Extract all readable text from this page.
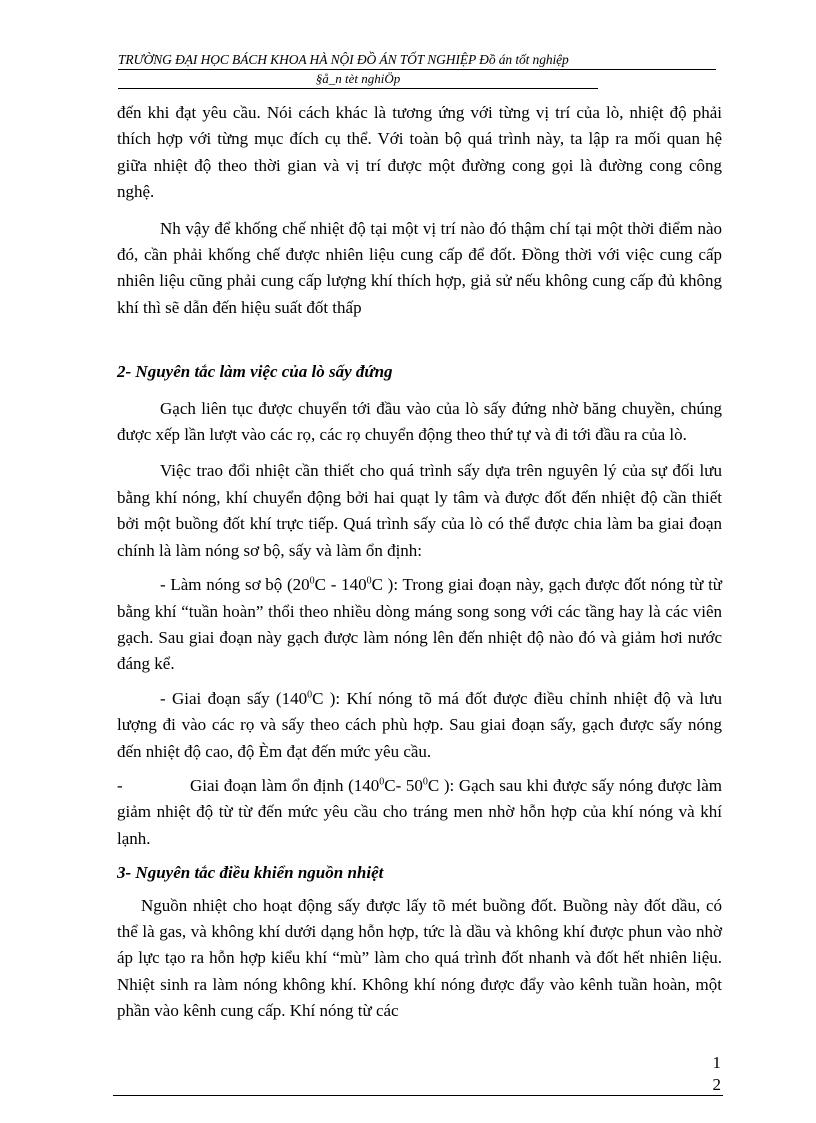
TRƯỜNG ĐẠI HỌC BÁCH KHOA HÀ NỘI ĐỒ ÁN TỐT NGHIỆP Đồ án tốt nghiệp
§å_n tèt nghiÖp

đến khi đạt yêu cầu. Nói cách khác là tương ứng với từng vị trí của lò, nhiệt độ phải thích hợp với từng mục đích cụ thể. Với toàn bộ quá trình này, ta lập ra mối quan hệ giữa nhiệt độ theo thời gian và vị trí được một đường cong gọi là đường cong công nghệ.

Nh vậy để khống chế nhiệt độ tại một vị trí nào đó thậm chí tại một thời điểm nào đó, cần phải khống chế được nhiên liệu cung cấp để đốt. Đồng thời với việc cung cấp nhiên liệu cũng phải cung cấp lượng khí thích hợp, giả sử nếu không cung cấp đủ không khí thì sẽ dẫn đến hiệu suất đốt thấp

2- Nguyên tắc làm việc của lò sấy đứng

Gạch liên tục được chuyển tới đầu vào của lò sấy đứng nhờ băng chuyền, chúng được xếp lần lượt vào các rọ, các rọ chuyển động theo thứ tự và đi tới đầu ra của lò.

Việc trao đổi nhiệt cần thiết cho quá trình sấy dựa trên nguyên lý của sự đối lưu bằng khí nóng, khí chuyển động bởi hai quạt ly tâm và được đốt đến nhiệt độ cần thiết bởi một buồng đốt khí trực tiếp. Quá trình sấy của lò có thể được chia làm ba giai đoạn chính là làm nóng sơ bộ, sấy và làm ổn định:

- Làm nóng sơ bộ ($20^0C - 140^0C$ ): Trong giai đoạn này, gạch được đốt nóng từ từ bằng khí “tuần hoàn” thổi theo nhiều dòng máng song song với các tầng hay là các viên gạch. Sau giai đoạn này gạch được làm nóng lên đến nhiệt độ nào đó và giảm hơi nước đáng kể.

- Giai đoạn sấy ($140^0C$ ): Khí nóng tõ má đốt được điều chỉnh nhiệt độ và lưu lượng đi vào các rọ và sấy theo cách phù hợp. Sau giai đoạn sấy, gạch được sấy nóng đến nhiệt độ cao, độ Èm đạt đến mức yêu cầu.

-	Giai đoạn làm ổn định ($140^0C-$ $50^0C$ ): Gạch sau khi được sấy nóng được làm giảm nhiệt độ từ từ đến mức yêu cầu cho tráng men nhờ hỗn hợp của khí nóng và khí lạnh.

3- Nguyên tắc điều khiển nguồn nhiệt

Nguồn nhiệt cho hoạt động sấy được lấy tõ mét buồng đốt. Buồng này đốt dầu, có thể là gas, và không khí dưới dạng hỗn hợp, tức là dầu và không khí được phun vào nhờ áp lực tạo ra hỗn hợp kiểu khí “mù” làm cho quá trình đốt nhanh và đốt hết nhiên liệu. Nhiệt sinh ra làm nóng không khí. Không khí nóng được đẩy vào kênh tuần hoàn, một phần vào kênh cung cấp. Khí nóng từ các

1
2
